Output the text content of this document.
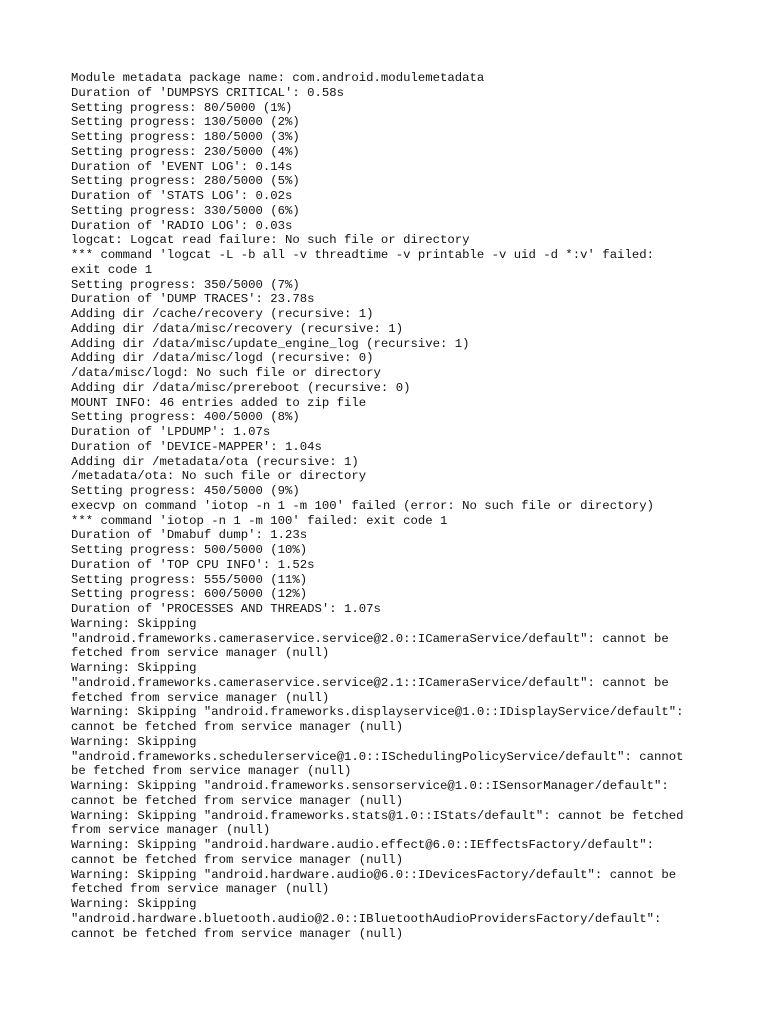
Module metadata package name: com.android.modulemetadata
Duration of 'DUMPSYS CRITICAL': 0.58s
Setting progress: 80/5000 (1%)
Setting progress: 130/5000 (2%)
Setting progress: 180/5000 (3%)
Setting progress: 230/5000 (4%)
Duration of 'EVENT LOG': 0.14s
Setting progress: 280/5000 (5%)
Duration of 'STATS LOG': 0.02s
Setting progress: 330/5000 (6%)
Duration of 'RADIO LOG': 0.03s
logcat: Logcat read failure: No such file or directory
*** command 'logcat -L -b all -v threadtime -v printable -v uid -d *:v' failed:
exit code 1
Setting progress: 350/5000 (7%)
Duration of 'DUMP TRACES': 23.78s
Adding dir /cache/recovery (recursive: 1)
Adding dir /data/misc/recovery (recursive: 1)
Adding dir /data/misc/update_engine_log (recursive: 1)
Adding dir /data/misc/logd (recursive: 0)
/data/misc/logd: No such file or directory
Adding dir /data/misc/prereboot (recursive: 0)
MOUNT INFO: 46 entries added to zip file
Setting progress: 400/5000 (8%)
Duration of 'LPDUMP': 1.07s
Duration of 'DEVICE-MAPPER': 1.04s
Adding dir /metadata/ota (recursive: 1)
/metadata/ota: No such file or directory
Setting progress: 450/5000 (9%)
execvp on command 'iotop -n 1 -m 100' failed (error: No such file or directory)
*** command 'iotop -n 1 -m 100' failed: exit code 1
Duration of 'Dmabuf dump': 1.23s
Setting progress: 500/5000 (10%)
Duration of 'TOP CPU INFO': 1.52s
Setting progress: 555/5000 (11%)
Setting progress: 600/5000 (12%)
Duration of 'PROCESSES AND THREADS': 1.07s
Warning: Skipping
"android.frameworks.cameraservice.service@2.0::ICameraService/default": cannot be
fetched from service manager (null)
Warning: Skipping
"android.frameworks.cameraservice.service@2.1::ICameraService/default": cannot be
fetched from service manager (null)
Warning: Skipping "android.frameworks.displayservice@1.0::IDisplayService/default":
cannot be fetched from service manager (null)
Warning: Skipping
"android.frameworks.schedulerservice@1.0::ISchedulingPolicyService/default": cannot
be fetched from service manager (null)
Warning: Skipping "android.frameworks.sensorservice@1.0::ISensorManager/default":
cannot be fetched from service manager (null)
Warning: Skipping "android.frameworks.stats@1.0::IStats/default": cannot be fetched
from service manager (null)
Warning: Skipping "android.hardware.audio.effect@6.0::IEffectsFactory/default":
cannot be fetched from service manager (null)
Warning: Skipping "android.hardware.audio@6.0::IDevicesFactory/default": cannot be
fetched from service manager (null)
Warning: Skipping
"android.hardware.bluetooth.audio@2.0::IBluetoothAudioProvidersFactory/default":
cannot be fetched from service manager (null)
